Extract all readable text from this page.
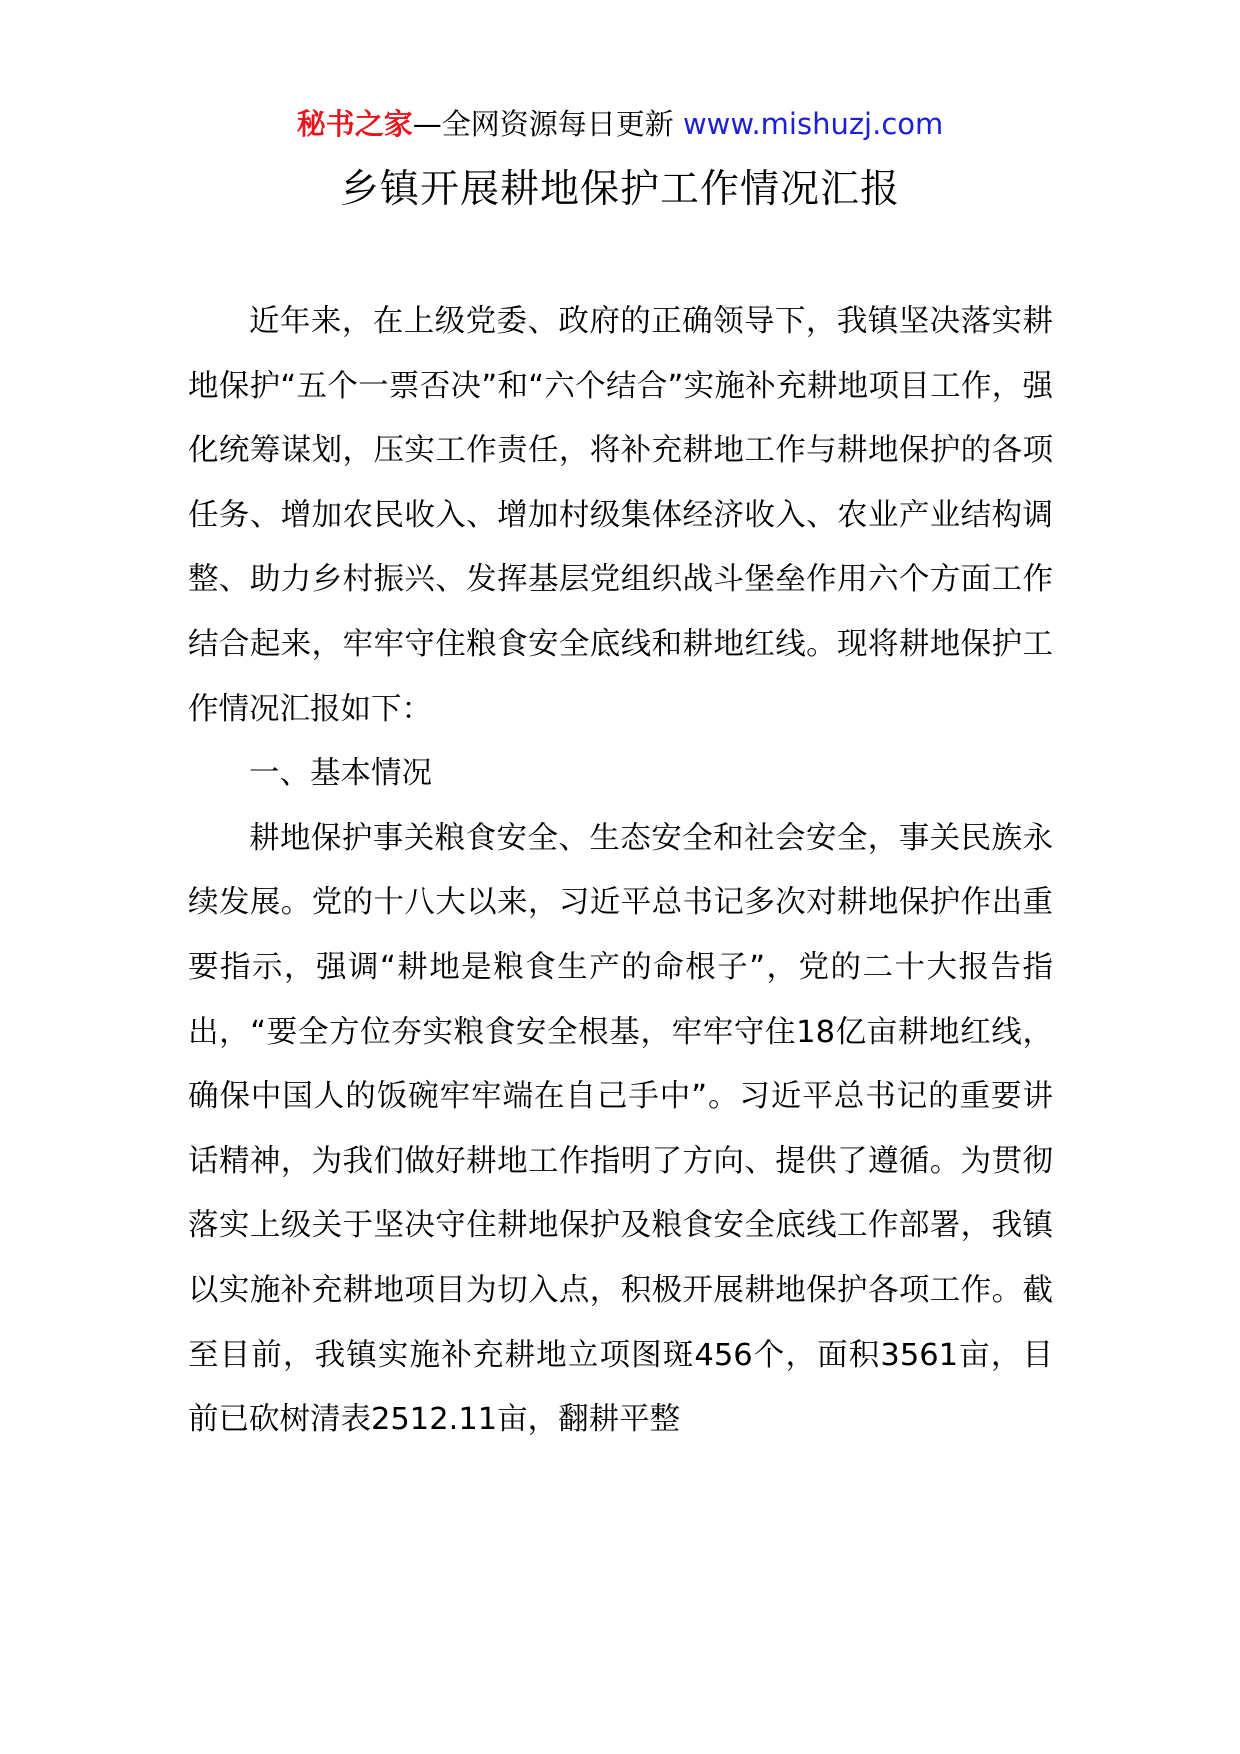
秘书之家—全网资源每日更新 www.mishuzj.com
乡镇开展耕地保护工作情况汇报

近年来，在上级党委、政府的正确领导下，我镇坚决落实耕地保护“五个一票否决”和“六个结合”实施补充耕地项目工作，强化统筹谋划，压实工作责任，将补充耕地工作与耕地保护的各项任务、增加农民收入、增加村级集体经济收入、农业产业结构调整、助力乡村振兴、发挥基层党组织战斗堡垒作用六个方面工作结合起来，牢牢守住粮食安全底线和耕地红线。现将耕地保护工作情况汇报如下：

一、基本情况

耕地保护事关粮食安全、生态安全和社会安全，事关民族永续发展。党的十八大以来，习近平总书记多次对耕地保护作出重要指示，强调“耕地是粮食生产的命根子”，党的二十大报告指出，“要全方位夯实粮食安全根基，牢牢守住18亿亩耕地红线，确保中国人的饭碗牢牢端在自己手中”。习近平总书记的重要讲话精神，为我们做好耕地工作指明了方向、提供了遵循。为贯彻落实上级关于坚决守住耕地保护及粮食安全底线工作部署，我镇以实施补充耕地项目为切入点，积极开展耕地保护各项工作。截至目前，我镇实施补充耕地立项图斑456个，面积3561亩，目前已砍树清表2512.11亩，翻耕平整
